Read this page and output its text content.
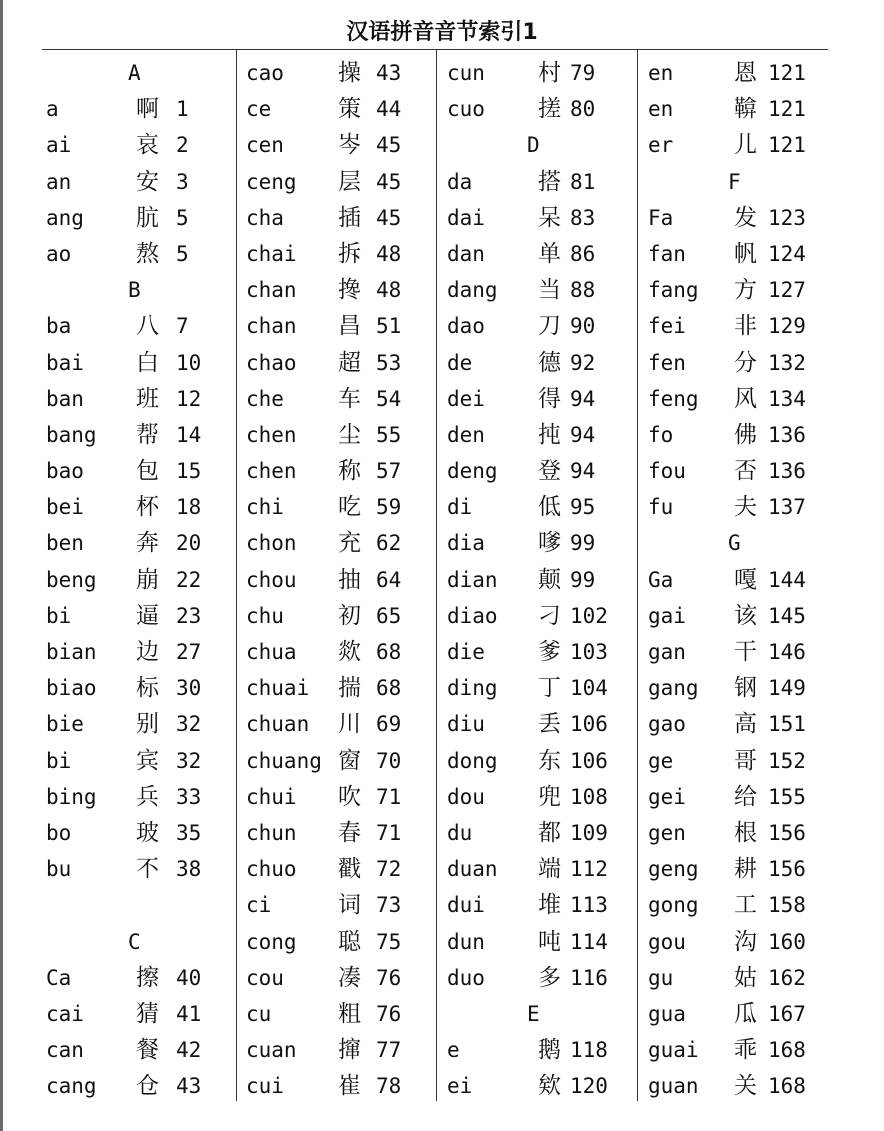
汉语拼音音节索引1
A
a	啊 1
ai	哀 2
an	安 3
ang 肮 5
ao	熬 5
B
ba	八 7
bai 白 10
ban 班 12
bang 帮 14
bao 包 15
bei 杯 18
ben 奔 20
beng 崩 22
bi	逼 23
bian 边 27
biao 标 30
bie 别 32
bi	宾 32
bing 兵 33
bo	玻 35
bu	不 38
C
Ca	擦 40
cai 猜 41
can 餐 42
cang 仓 43
cao 操 43
ce	策 44
cen 岑 45
ceng 层 45
cha 插 45
chai 拆 48
chan 搀 48
chan 昌 51
chao 超 53
che 车 54
chen 尘 55
chen 称 57
chi 吃 59
chon 充 62
chou 抽 64
chu 初 65
chua 欻 68
chuai 揣 68
chuan 川 69
chuang 窗 70
chui 吹 71
chun 春 71
chuo 戳 72
ci	词 73
cong 聪 75
cou 凑 76
cu	粗 76
cuan 撺 77
cui 崔 78
cun 村 79
cuo 搓 80
D
da	搭 81
dai 呆 83
dan 单 86
dang 当 88
dao 刀 90
de	德 92
dei 得 94
den 扽 94
deng 登 94
di	低 95
dia 嗲 99
dian 颠 99
diao 刁 102
die 爹 103
ding 丁 104
diu 丢 106
dong 东 106
dou 兜 108
du	都 109
duan 端 112
dui 堆 113
dun 吨 114
duo 多 116
E
e	鹅 118
ei	欸 120
en	恩 121
en	鞥 121
er	儿 121
F
Fa	发 123
fan 帆 124
fang 方 127
fei 非 129
fen 分 132
feng 风 134
fo	佛 136
fou 否 136
fu	夫 137
G
Ga	嘎 144
gai 该 145
gan 干 146
gang 钢 149
gao 高 151
ge	哥 152
gei 给 155
gen 根 156
geng 耕 156
gong 工 158
gou 沟 160
gu	姑 162
gua 瓜 167
guai 乖 168
guan 关 168
